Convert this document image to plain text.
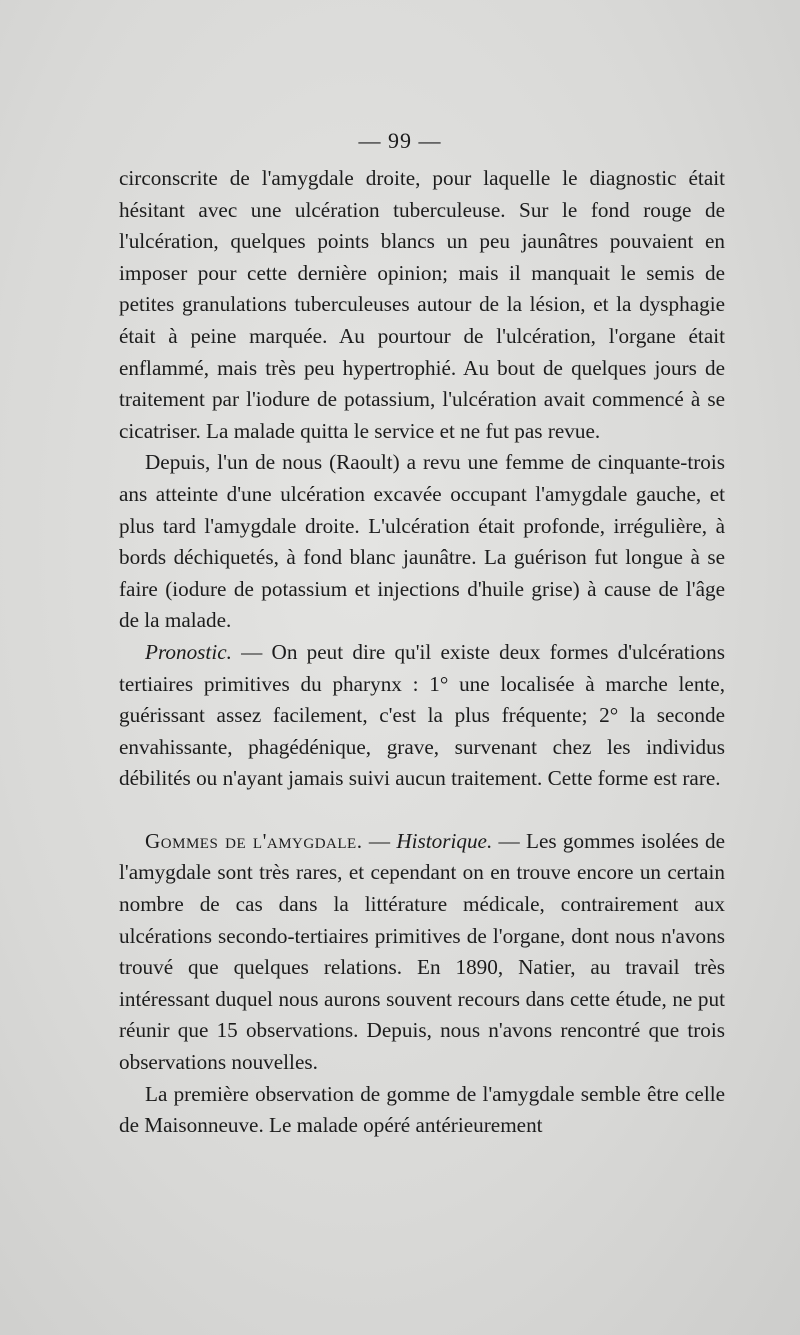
— 99 —

circonscrite de l'amygdale droite, pour laquelle le diagnostic était hésitant avec une ulcération tuberculeuse. Sur le fond rouge de l'ulcération, quelques points blancs un peu jaunâtres pouvaient en imposer pour cette dernière opinion; mais il manquait le semis de petites granulations tuberculeuses autour de la lésion, et la dysphagie était à peine marquée. Au pourtour de l'ulcération, l'organe était enflammé, mais très peu hypertrophié. Au bout de quelques jours de traitement par l'iodure de potassium, l'ulcération avait commencé à se cicatriser. La malade quitta le service et ne fut pas revue.

Depuis, l'un de nous (Raoult) a revu une femme de cinquante-trois ans atteinte d'une ulcération excavée occupant l'amygdale gauche, et plus tard l'amygdale droite. L'ulcération était profonde, irrégulière, à bords déchiquetés, à fond blanc jaunâtre. La guérison fut longue à se faire (iodure de potassium et injections d'huile grise) à cause de l'âge de la malade.

Pronostic. — On peut dire qu'il existe deux formes d'ulcérations tertiaires primitives du pharynx : 1° une localisée à marche lente, guérissant assez facilement, c'est la plus fréquente; 2° la seconde envahissante, phagédénique, grave, survenant chez les individus débilités ou n'ayant jamais suivi aucun traitement. Cette forme est rare.

Gommes de l'amygdale. — Historique. — Les gommes isolées de l'amygdale sont très rares, et cependant on en trouve encore un certain nombre de cas dans la littérature médicale, contrairement aux ulcérations secondo-tertiaires primitives de l'organe, dont nous n'avons trouvé que quelques relations. En 1890, Natier, au travail très intéressant duquel nous aurons souvent recours dans cette étude, ne put réunir que 15 observations. Depuis, nous n'avons rencontré que trois observations nouvelles.

La première observation de gomme de l'amygdale semble être celle de Maisonneuve. Le malade opéré antérieurement
